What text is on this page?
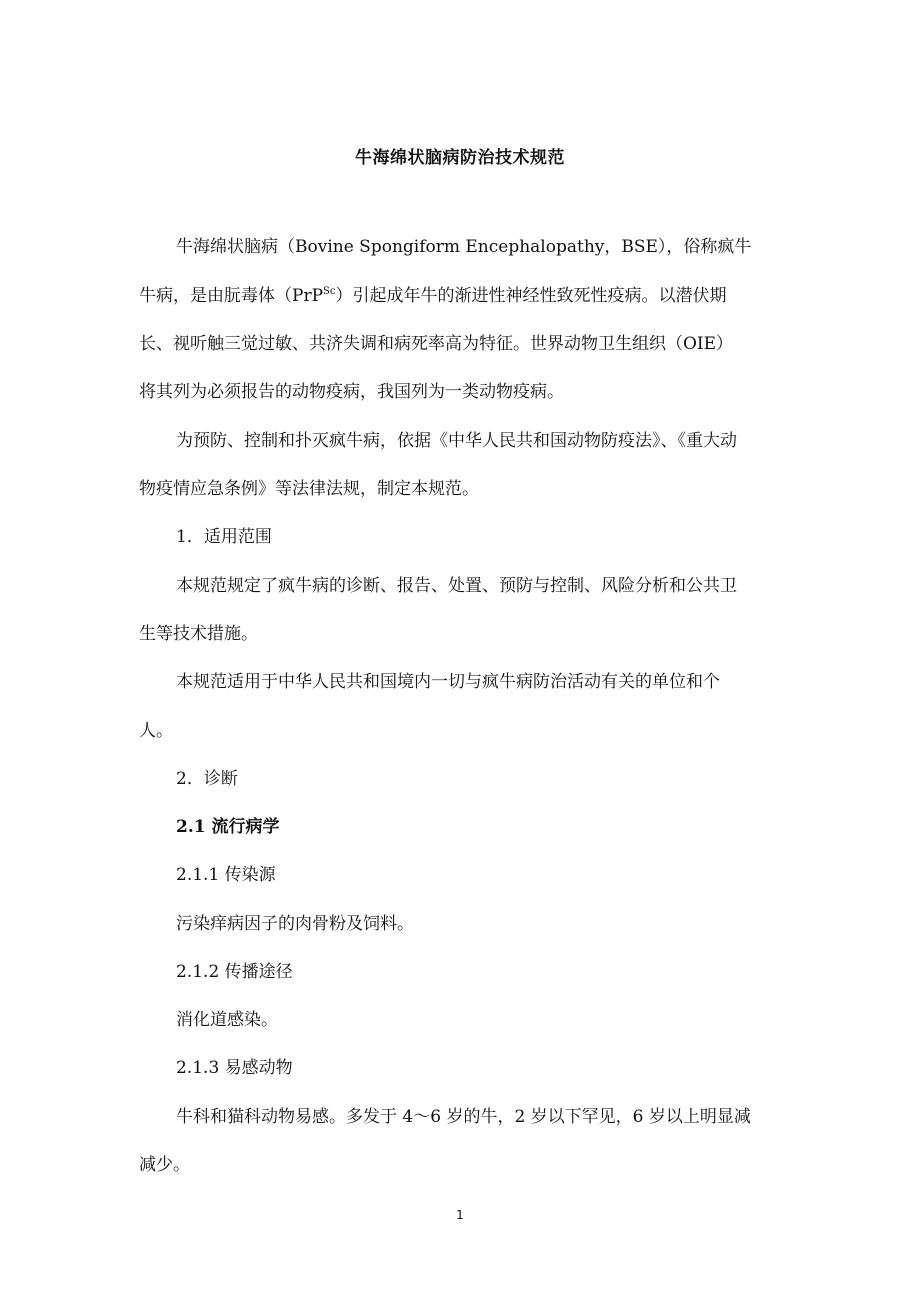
牛海绵状脑病防治技术规范
牛海绵状脑病（Bovine Spongiform Encephalopathy，BSE），俗称疯牛
牛病，是由朊毒体（PrP$^{Sc}$）引起成年牛的渐进性神经性致死性疫病。以潜伏期
长、视听触三觉过敏、共济失调和病死率高为特征。世界动物卫生组织（OIE）
将其列为必须报告的动物疫病，我国列为一类动物疫病。
为预防、控制和扑灭疯牛病，依据《中华人民共和国动物防疫法》、《重大动
物疫情应急条例》等法律法规，制定本规范。
1．适用范围
本规范规定了疯牛病的诊断、报告、处置、预防与控制、风险分析和公共卫
生等技术措施。
本规范适用于中华人民共和国境内一切与疯牛病防治活动有关的单位和个
人。
2．诊断
2.1 流行病学
2.1.1 传染源
污染痒病因子的肉骨粉及饲料。
2.1.2 传播途径
消化道感染。
2.1.3 易感动物
牛科和猫科动物易感。多发于 4～6 岁的牛，2 岁以下罕见，6 岁以上明显减
减少。
1
